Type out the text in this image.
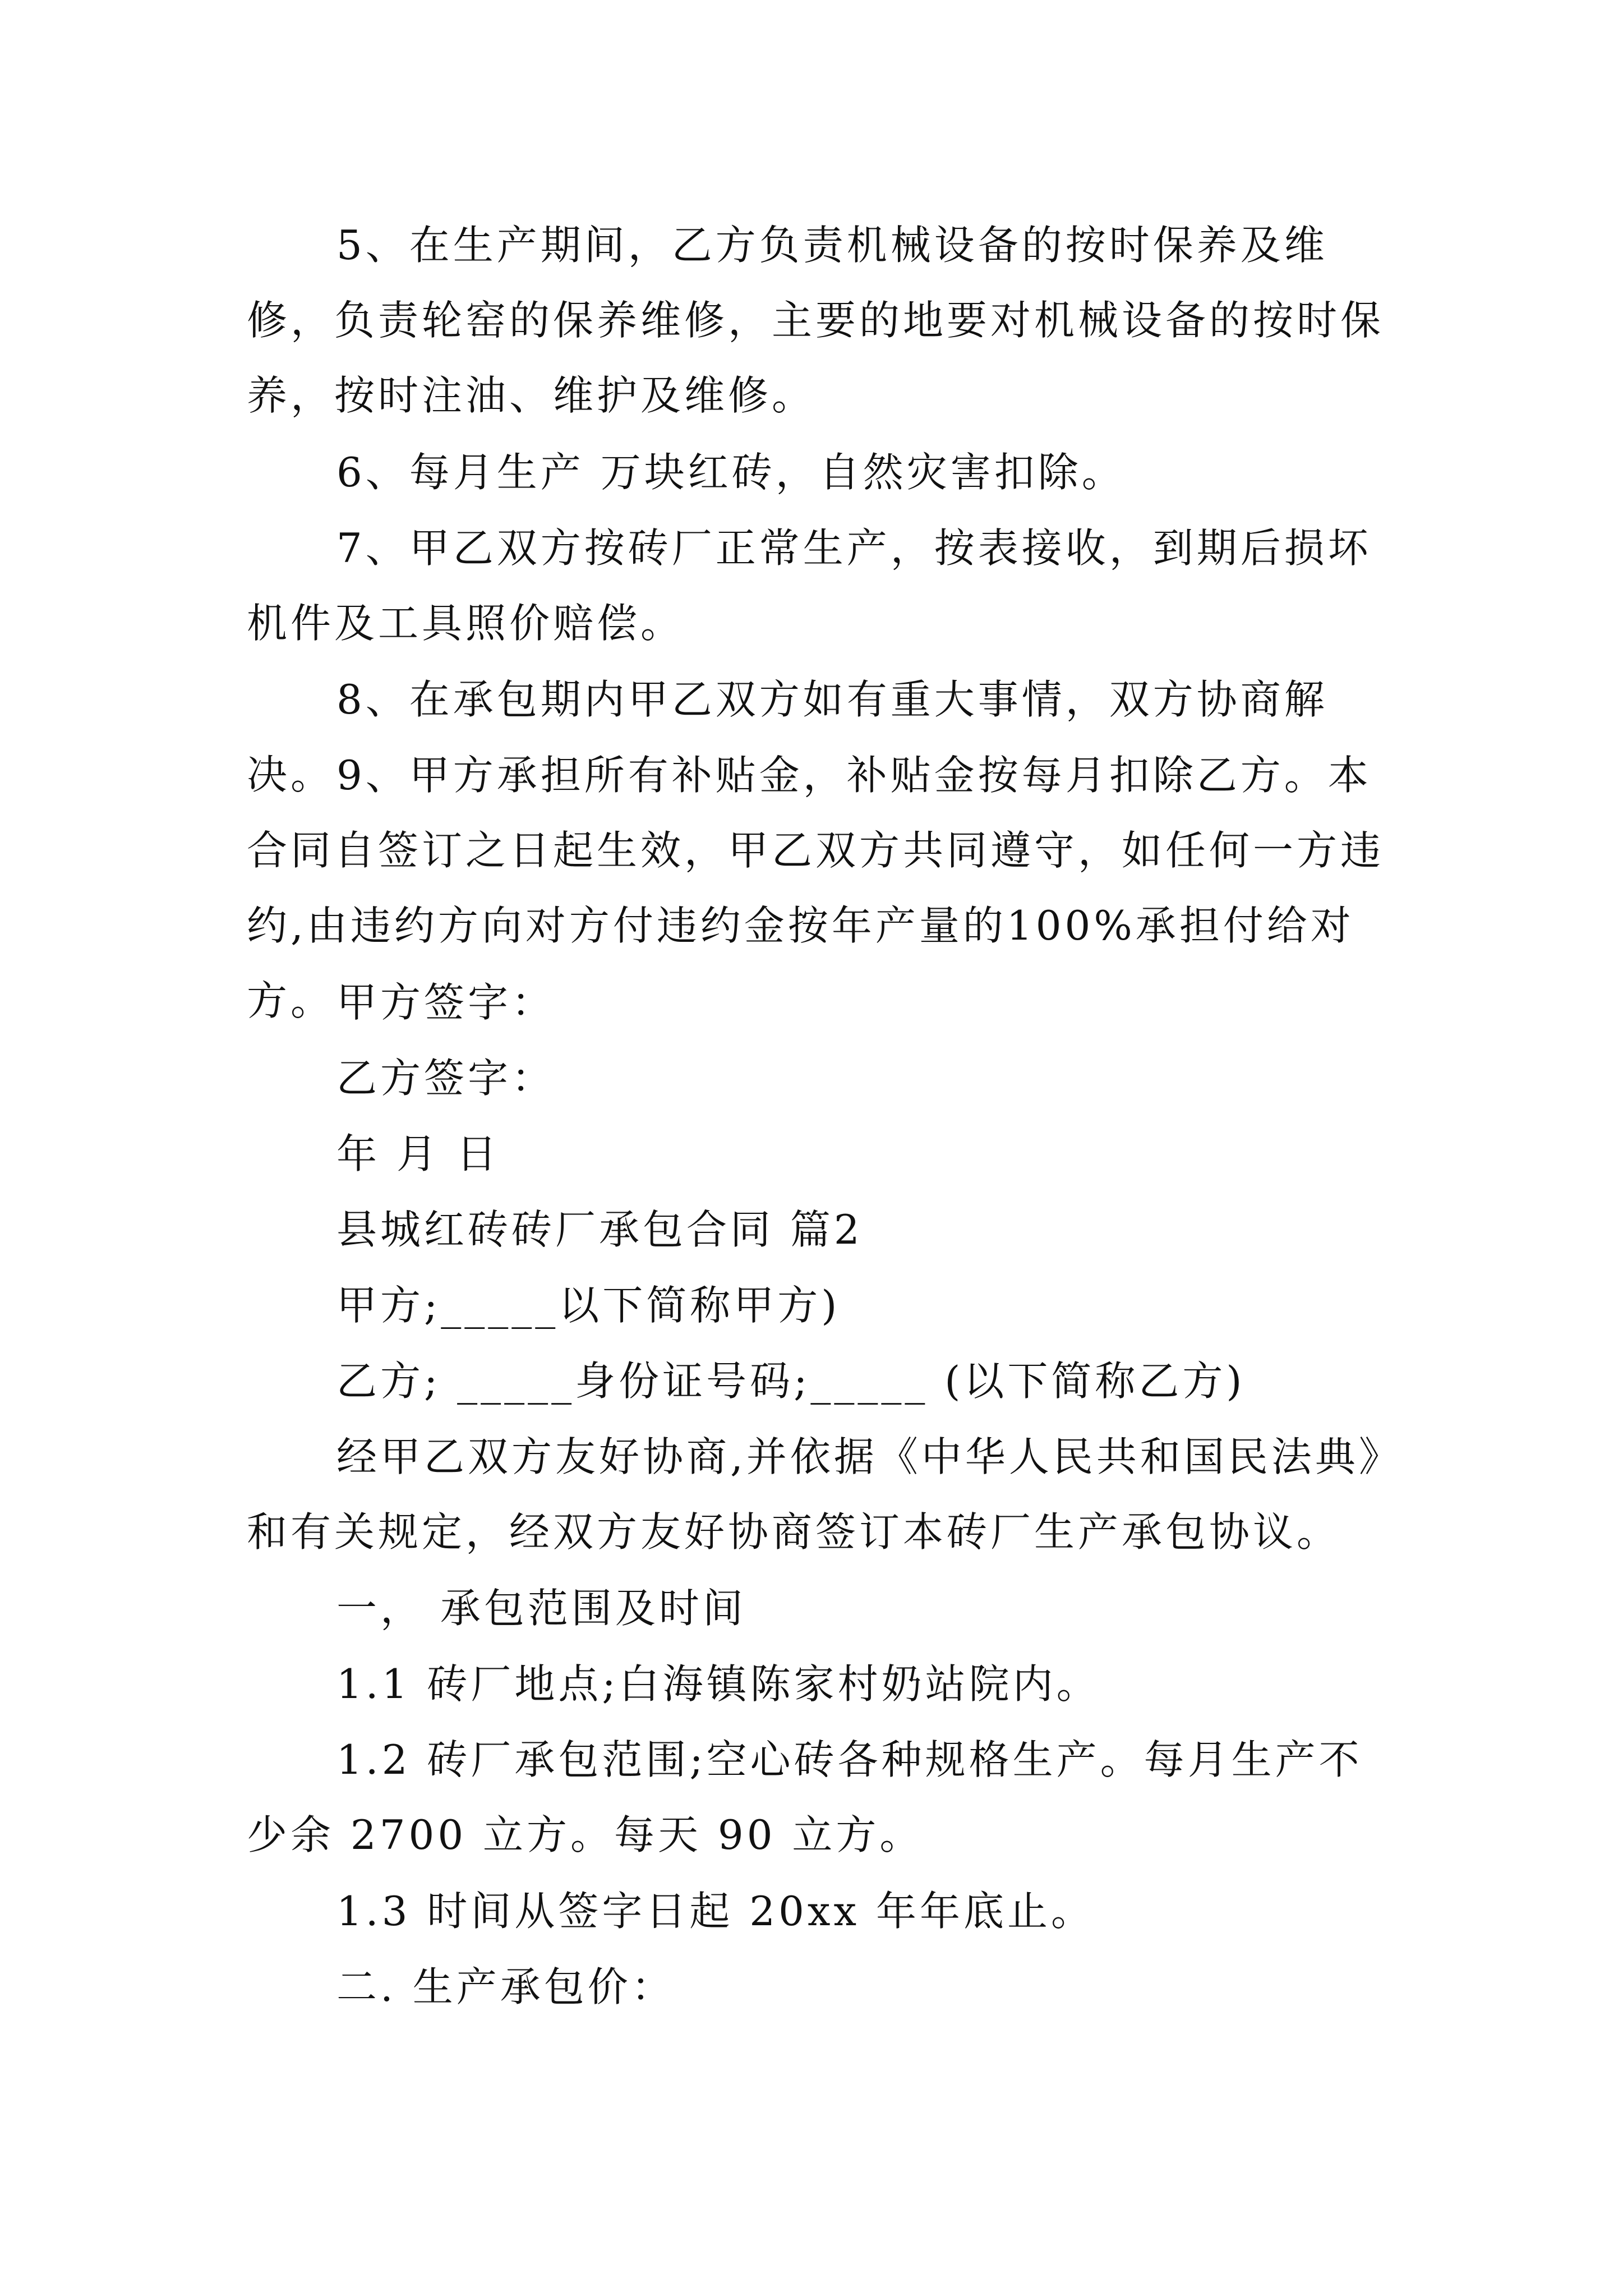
5、在生产期间，乙方负责机械设备的按时保养及维修，负责轮窑的保养维修，主要的地要对机械设备的按时保养，按时注油、维护及维修。

6、每月生产 万块红砖，自然灾害扣除。

7、甲乙双方按砖厂正常生产，按表接收，到期后损坏机件及工具照价赔偿。

8、在承包期内甲乙双方如有重大事情，双方协商解决。 9、甲方承担所有补贴金，补贴金按每月扣除乙方。本合同自签订之日起生效，甲乙双方共同遵守，如任何一方违约,由违约方向对方付违约金按年产量的100%承担付给对方。 甲方签字：

乙方签字：

年 月 日

县城红砖砖厂承包合同 篇2

甲方;_____以下简称甲方)

乙方; _____身份证号码;_____ (以下简称乙方)

经甲乙双方友好协商,并依据《中华人民共和国民法典》和有关规定，经双方友好协商签订本砖厂生产承包协议。

一， 承包范围及时间

1.1 砖厂地点;白海镇陈家村奶站院内。

1.2 砖厂承包范围;空心砖各种规格生产。每月生产不少余 2700 立方。每天 90 立方。

1.3 时间从签字日起 20xx 年年底止。

二. 生产承包价：
